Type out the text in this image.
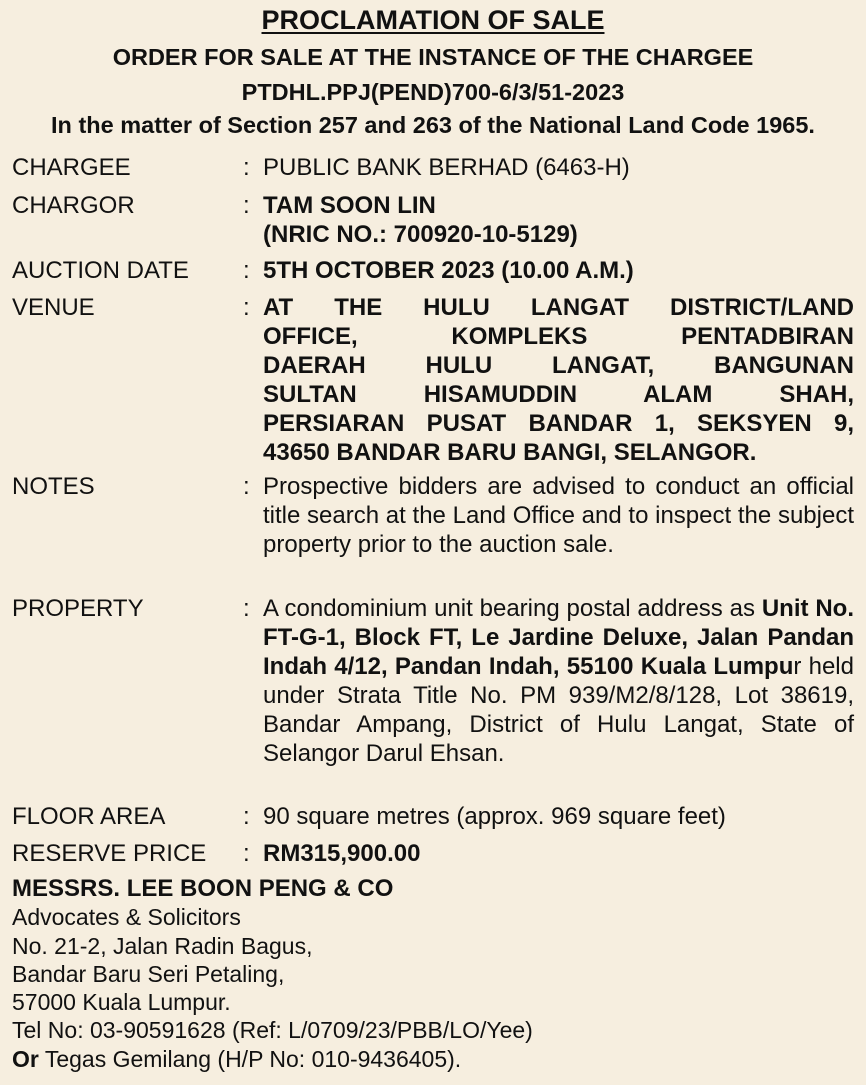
PROCLAMATION OF SALE
ORDER FOR SALE AT THE INSTANCE OF THE CHARGEE
PTDHL.PPJ(PEND)700-6/3/51-2023
In the matter of Section 257 and 263 of the National Land Code 1965.
CHARGEE	: PUBLIC BANK BERHAD (6463-H)
CHARGOR	: TAM SOON LIN
(NRIC NO.: 700920-10-5129)
AUCTION DATE : 5TH OCTOBER 2023 (10.00 A.M.)
VENUE	: AT THE HULU LANGAT DISTRICT/LAND
OFFICE, KOMPLEKS PENTADBIRAN
DAERAH HULU LANGAT, BANGUNAN
SULTAN HISAMUDDIN ALAM SHAH,
PERSIARAN PUSAT BANDAR 1, SEKSYEN 9,
43650 BANDAR BARU BANGI, SELANGOR.
NOTES	: Prospective bidders are advised to conduct an official title search at the Land Office and to inspect the subject property prior to the auction sale.
PROPERTY	: A condominium unit bearing postal address as Unit No. FT-G-1, Block FT, Le Jardine Deluxe, Jalan Pandan Indah 4/12, Pandan Indah, 55100 Kuala Lumpur held under Strata Title No. PM 939/M2/8/128, Lot 38619, Bandar Ampang, District of Hulu Langat, State of Selangor Darul Ehsan.
FLOOR AREA	: 90 square metres (approx. 969 square feet)
RESERVE PRICE : RM315,900.00
MESSRS. LEE BOON PENG & CO
Advocates & Solicitors
No. 21-2, Jalan Radin Bagus,
Bandar Baru Seri Petaling,
57000 Kuala Lumpur.
Tel No: 03-90591628 (Ref: L/0709/23/PBB/LO/Yee)
Or Tegas Gemilang (H/P No: 010-9436405).
